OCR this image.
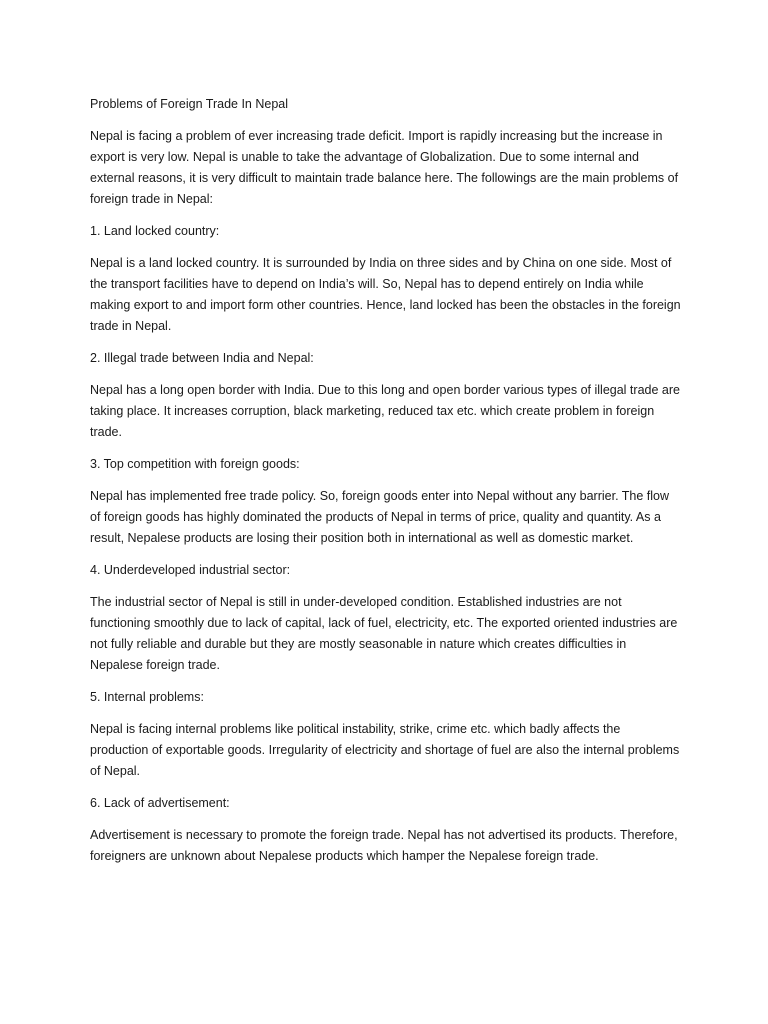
Problems of Foreign Trade In Nepal

Nepal is facing a problem of ever increasing trade deficit. Import is rapidly increasing but the increase in export is very low. Nepal is unable to take the advantage of Globalization. Due to some internal and external reasons, it is very difficult to maintain trade balance here. The followings are the main problems of foreign trade in Nepal:

1. Land locked country:

Nepal is a land locked country. It is surrounded by India on three sides and by China on one side. Most of the transport facilities have to depend on India’s will. So, Nepal has to depend entirely on India while making export to and import form other countries. Hence, land locked has been the obstacles in the foreign trade in Nepal.

2. Illegal trade between India and Nepal:

Nepal has a long open border with India. Due to this long and open border various types of illegal trade are taking place. It increases corruption, black marketing, reduced tax etc. which create problem in foreign trade.

3. Top competition with foreign goods:

Nepal has implemented free trade policy. So, foreign goods enter into Nepal without any barrier. The flow of foreign goods has highly dominated the products of Nepal in terms of price, quality and quantity. As a result, Nepalese products are losing their position both in international as well as domestic market.

4. Underdeveloped industrial sector:

The industrial sector of Nepal is still in under-developed condition. Established industries are not functioning smoothly due to lack of capital, lack of fuel, electricity, etc. The exported oriented industries are not fully reliable and durable but they are mostly seasonable in nature which creates difficulties in Nepalese foreign trade.

5. Internal problems:

Nepal is facing internal problems like political instability, strike, crime etc. which badly affects the production of exportable goods. Irregularity of electricity and shortage of fuel are also the internal problems of Nepal.

6. Lack of advertisement:

Advertisement is necessary to promote the foreign trade. Nepal has not advertised its products. Therefore, foreigners are unknown about Nepalese products which hamper the Nepalese foreign trade.
